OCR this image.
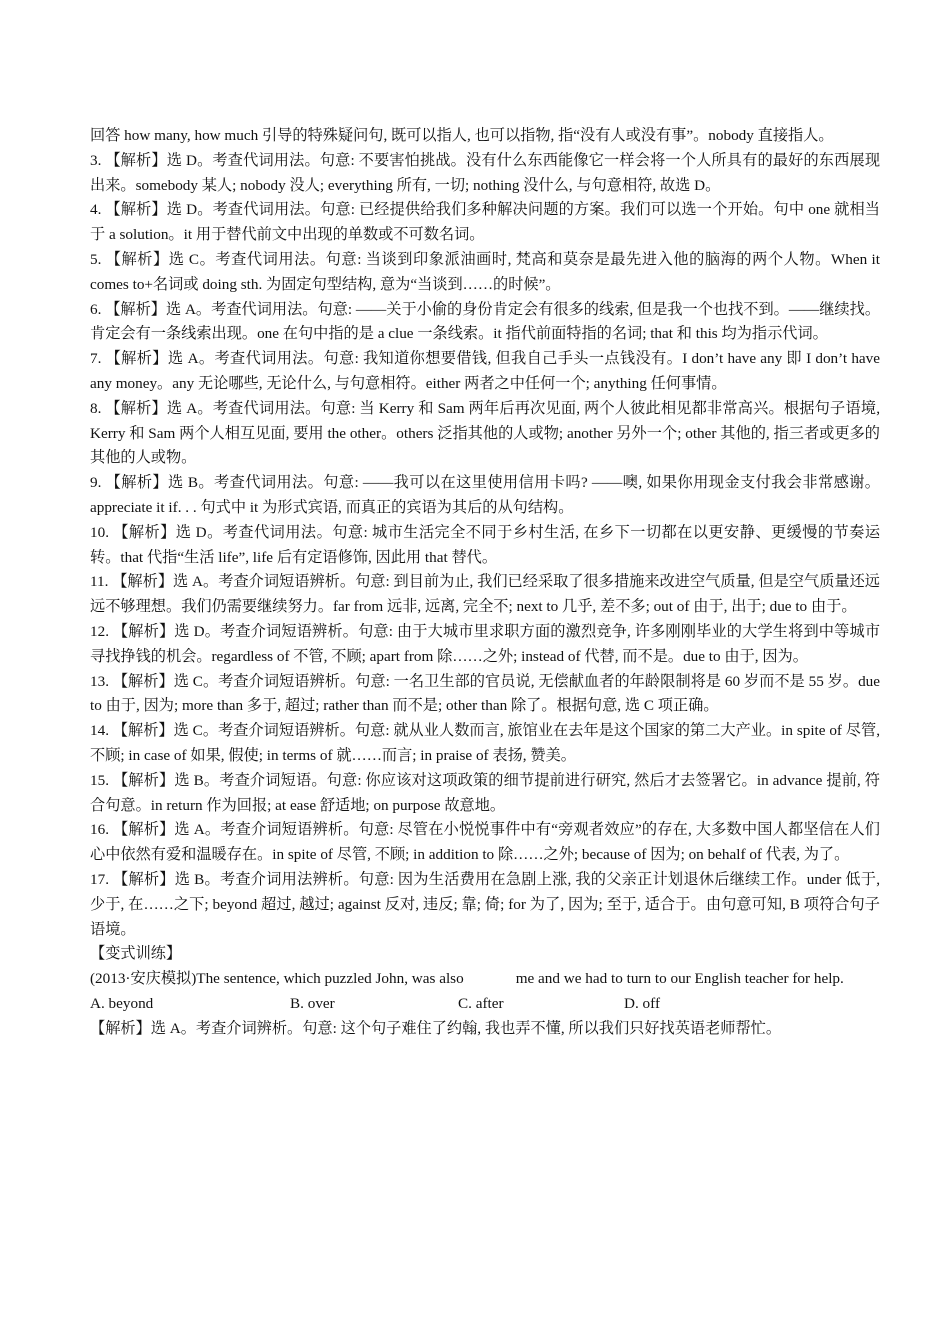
回答 how many, how much 引导的特殊疑问句, 既可以指人, 也可以指物, 指“没有人或没有事”。nobody 直接指人。

3. 【解析】选 D。考查代词用法。句意: 不要害怕挑战。没有什么东西能像它一样会将一个人所具有的最好的东西展现出来。somebody 某人; nobody 没人; everything 所有, 一切; nothing 没什么, 与句意相符, 故选 D。

4. 【解析】选 D。考查代词用法。句意: 已经提供给我们多种解决问题的方案。我们可以选一个开始。句中 one 就相当于 a solution。it 用于替代前文中出现的单数或不可数名词。

5. 【解析】选 C。考查代词用法。句意: 当谈到印象派油画时, 梵高和莫奈是最先进入他的脑海的两个人物。When it comes to+名词或 doing sth. 为固定句型结构, 意为“当谈到……的时候”。

6. 【解析】选 A。考查代词用法。句意: ——关于小偷的身份肯定会有很多的线索, 但是我一个也找不到。——继续找。肯定会有一条线索出现。one 在句中指的是 a clue 一条线索。it 指代前面特指的名词; that 和 this 均为指示代词。

7. 【解析】选 A。考查代词用法。句意: 我知道你想要借钱, 但我自己手头一点钱没有。I don’t have any 即 I don’t have any money。any 无论哪些, 无论什么, 与句意相符。either 两者之中任何一个; anything 任何事情。

8. 【解析】选 A。考查代词用法。句意: 当 Kerry 和 Sam 两年后再次见面, 两个人彼此相见都非常高兴。根据句子语境, Kerry 和 Sam 两个人相互见面, 要用 the other。others 泛指其他的人或物; another 另外一个; other 其他的, 指三者或更多的其他的人或物。

9. 【解析】选 B。考查代词用法。句意: ——我可以在这里使用信用卡吗? ——噢, 如果你用现金支付我会非常感谢。appreciate it if. . . 句式中 it 为形式宾语, 而真正的宾语为其后的从句结构。

10. 【解析】选 D。考查代词用法。句意: 城市生活完全不同于乡村生活, 在乡下一切都在以更安静、更缓慢的节奏运转。that 代指“生活 life”, life 后有定语修饰, 因此用 that 替代。

11. 【解析】选 A。考查介词短语辨析。句意: 到目前为止, 我们已经采取了很多措施来改进空气质量, 但是空气质量还远远不够理想。我们仍需要继续努力。far from 远非, 远离, 完全不; next to 几乎, 差不多; out of 由于, 出于; due to 由于。

12. 【解析】选 D。考查介词短语辨析。句意: 由于大城市里求职方面的激烈竞争, 许多刚刚毕业的大学生将到中等城市寻找挣钱的机会。regardless of 不管, 不顾; apart from 除……之外; instead of 代替, 而不是。due to 由于, 因为。

13. 【解析】选 C。考查介词短语辨析。句意: 一名卫生部的官员说, 无偿献血者的年龄限制将是 60 岁而不是 55 岁。due to 由于, 因为; more than 多于, 超过; rather than 而不是; other than 除了。根据句意, 选 C 项正确。

14. 【解析】选 C。考查介词短语辨析。句意: 就从业人数而言, 旅馆业在去年是这个国家的第二大产业。in spite of 尽管, 不顾; in case of 如果, 假使; in terms of 就……而言; in praise of 表扬, 赞美。

15. 【解析】选 B。考查介词短语。句意: 你应该对这项政策的细节提前进行研究, 然后才去签署它。in advance 提前, 符合句意。in return 作为回报; at ease 舒适地; on purpose 故意地。

16. 【解析】选 A。考查介词短语辨析。句意: 尽管在小悦悦事件中有“旁观者效应”的存在, 大多数中国人都坚信在人们心中依然有爱和温暖存在。in spite of 尽管, 不顾; in addition to 除……之外; because of 因为; on behalf of 代表, 为了。

17. 【解析】选 B。考查介词用法辨析。句意: 因为生活费用在急剧上涨, 我的父亲正计划退休后继续工作。under 低于, 少于, 在……之下; beyond 超过, 越过; against 反对, 违反; 靠; 倚; for 为了, 因为; 至于, 适合于。由句意可知, B 项符合句子语境。

【变式训练】

(2013·安庆模拟)The sentence, which puzzled John, was also	me and we had to turn to our English teacher for help.

A. beyond	B. over	C. after	D. off

【解析】选 A。考查介词辨析。句意: 这个句子难住了约翰, 我也弄不懂, 所以我们只好找英语老师帮忙。
